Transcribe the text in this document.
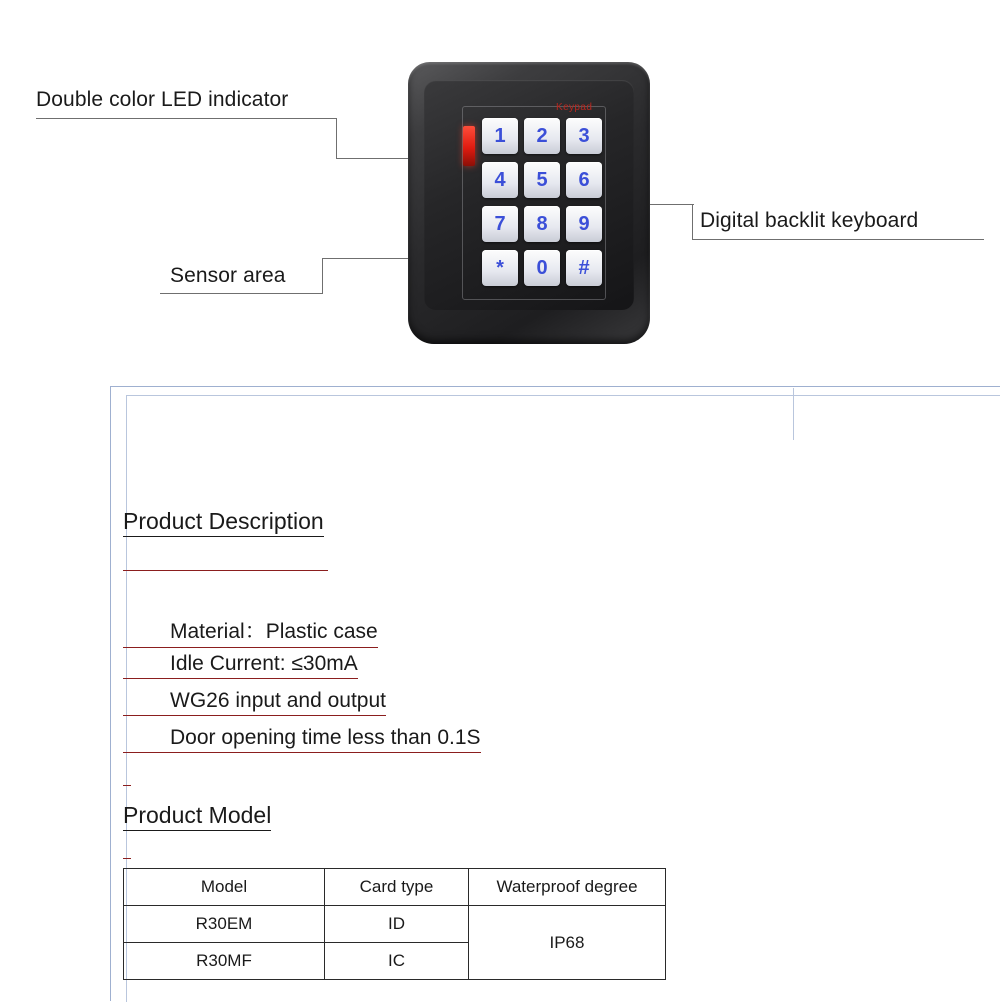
Double color LED indicator
Sensor area
Digital backlit keyboard
Keypad
1	2	3
4	5	6
7	8	9
*	0	#
Product Description
Material：Plastic case
Idle Current: ≤30mA
WG26 input and output
Door opening time less than 0.1S
Product Model
Model	Card type	Waterproof degree
R30EM	ID	IP68
R30MF	IC	
